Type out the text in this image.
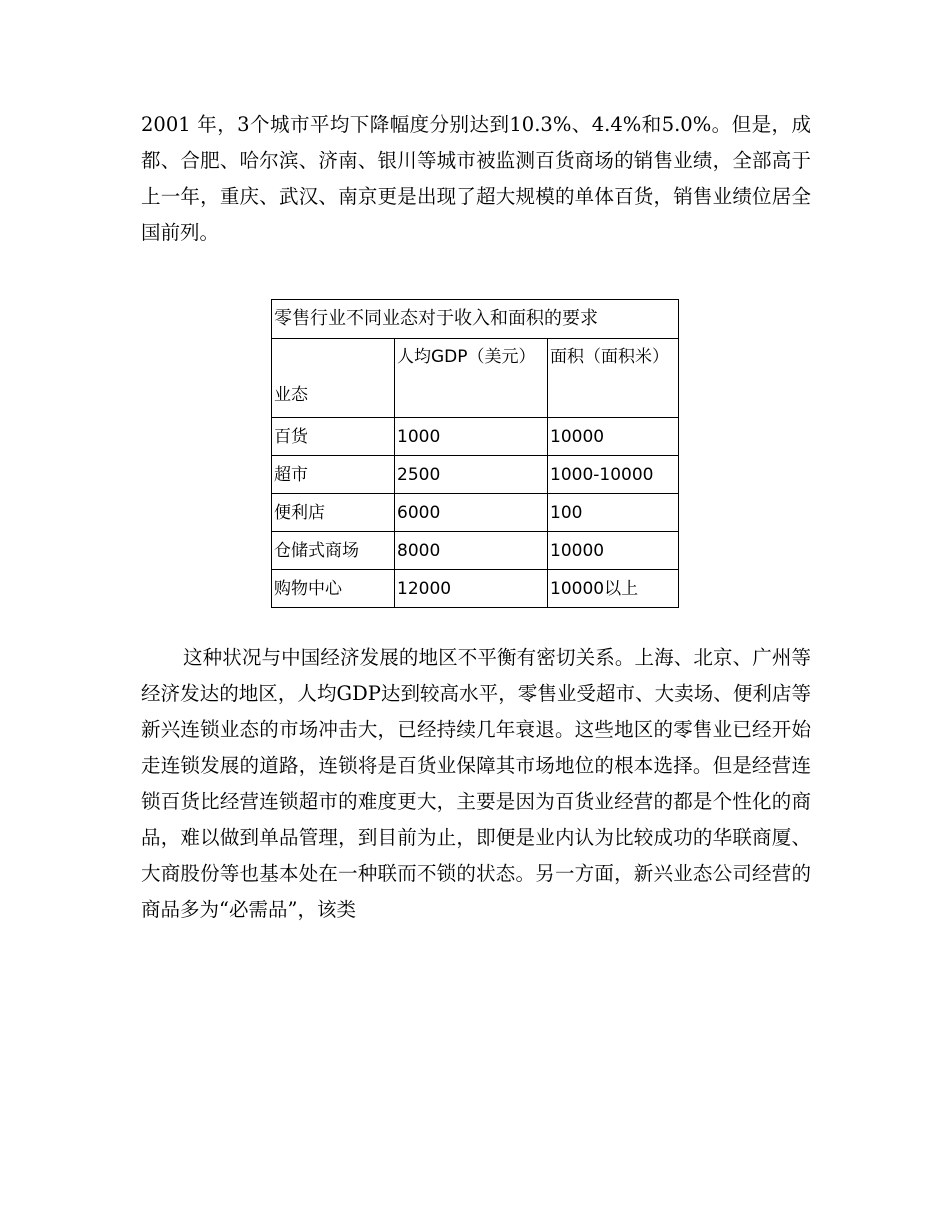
2001 年，3个城市平均下降幅度分别达到10.3%、4.4%和5.0%。但是，成都、合肥、哈尔滨、济南、银川等城市被监测百货商场的销售业绩，全部高于上一年，重庆、武汉、南京更是出现了超大规模的单体百货，销售业绩位居全国前列。

零售行业不同业态对于收入和面积的要求		
业态	人均GDP（美元）	面积（面积米）
百货	1000	10000
超市	2500	1000-10000
便利店	6000	100
仓储式商场	8000	10000
购物中心	12000	10000以上

这种状况与中国经济发展的地区不平衡有密切关系。上海、北京、广州等经济发达的地区，人均GDP达到较高水平，零售业受超市、大卖场、便利店等新兴连锁业态的市场冲击大，已经持续几年衰退。这些地区的零售业已经开始走连锁发展的道路，连锁将是百货业保障其市场地位的根本选择。但是经营连锁百货比经营连锁超市的难度更大，主要是因为百货业经营的都是个性化的商品，难以做到单品管理，到目前为止，即便是业内认为比较成功的华联商厦、大商股份等也基本处在一种联而不锁的状态。另一方面，新兴业态公司经营的商品多为“必需品”，该类
